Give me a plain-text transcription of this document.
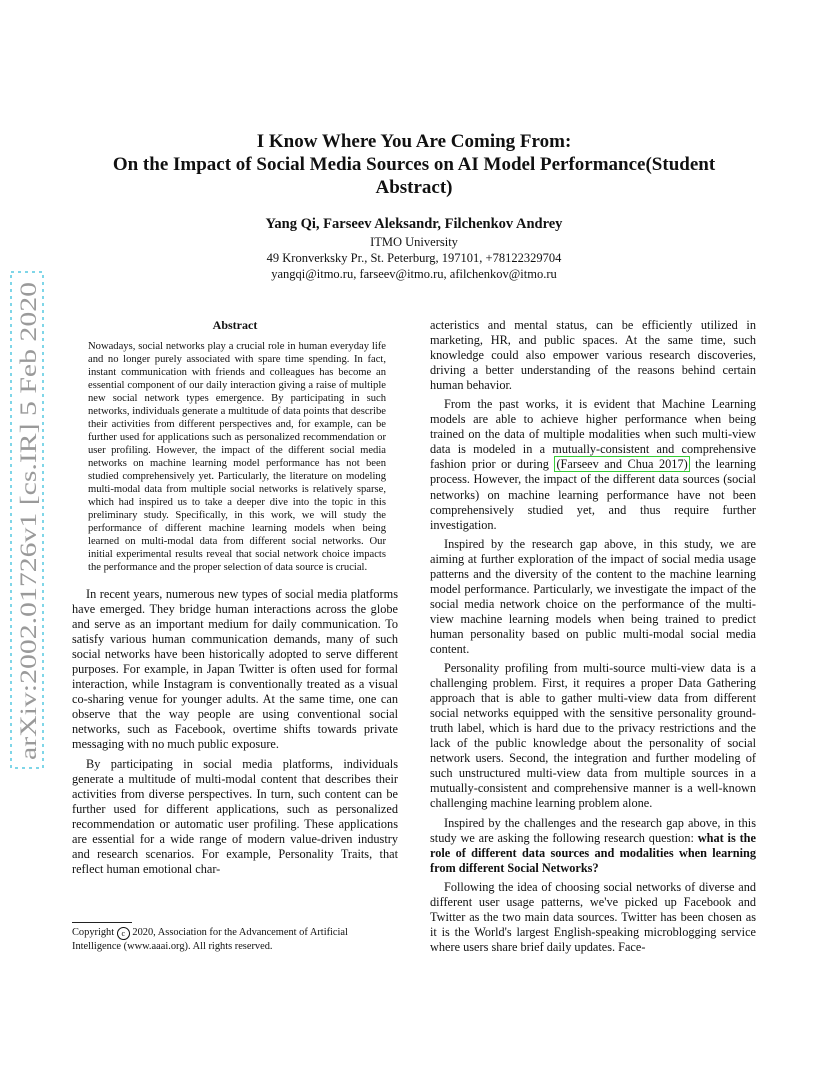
arXiv:2002.01726v1 [cs.IR] 5 Feb 2020
I Know Where You Are Coming From:
On the Impact of Social Media Sources on AI Model Performance(Student
Abstract)
Yang Qi, Farseev Aleksandr, Filchenkov Andrey
ITMO University
49 Kronverksky Pr., St. Peterburg, 197101, +78122329704
yangqi@itmo.ru, farseev@itmo.ru, afilchenkov@itmo.ru
Abstract

Nowadays, social networks play a crucial role in human everyday life and no longer purely associated with spare time spending. In fact, instant communication with friends and colleagues has become an essential component of our daily interaction giving a raise of multiple new social network types emergence. By participating in such networks, individuals generate a multitude of data points that describe their activities from different perspectives and, for example, can be further used for applications such as personalized recommendation or user profiling. However, the impact of the different social media networks on machine learning model performance has not been studied comprehensively yet. Particularly, the literature on modeling multi-modal data from multiple social networks is relatively sparse, which had inspired us to take a deeper dive into the topic in this preliminary study. Specifically, in this work, we will study the performance of different machine learning models when being learned on multi-modal data from different social networks. Our initial experimental results reveal that social network choice impacts the performance and the proper selection of data source is crucial.

In recent years, numerous new types of social media platforms have emerged. They bridge human interactions across the globe and serve as an important medium for daily communication. To satisfy various human communication demands, many of such social networks have been historically adopted to serve different purposes. For example, in Japan Twitter is often used for formal interaction, while Instagram is conventionally treated as a visual co-sharing venue for younger adults. At the same time, one can observe that the way people are using conventional social networks, such as Facebook, overtime shifts towards private messaging with no much public exposure.

By participating in social media platforms, individuals generate a multitude of multi-modal content that describes their activities from diverse perspectives. In turn, such content can be further used for different applications, such as personalized recommendation or automatic user profiling. These applications are essential for a wide range of modern value-driven industry and research scenarios. For example, Personality Traits, that reflect human emotional char-

Copyright c 2020, Association for the Advancement of Artificial Intelligence (www.aaai.org). All rights reserved.

acteristics and mental status, can be efficiently utilized in marketing, HR, and public spaces. At the same time, such knowledge could also empower various research discoveries, driving a better understanding of the reasons behind certain human behavior.

From the past works, it is evident that Machine Learning models are able to achieve higher performance when being trained on the data of multiple modalities when such multi-view data is modeled in a mutually-consistent and comprehensive fashion prior or during (Farseev and Chua 2017) the learning process. However, the impact of the different data sources (social networks) on machine learning performance have not been comprehensively studied yet, and thus require further investigation.

Inspired by the research gap above, in this study, we are aiming at further exploration of the impact of social media usage patterns and the diversity of the content to the machine learning model performance. Particularly, we investigate the impact of the social media network choice on the performance of the multi-view machine learning models when being trained to predict human personality based on public multi-modal social media content.

Personality profiling from multi-source multi-view data is a challenging problem. First, it requires a proper Data Gathering approach that is able to gather multi-view data from different social networks equipped with the sensitive personality ground-truth label, which is hard due to the privacy restrictions and the lack of the public knowledge about the personality of social network users. Second, the integration and further modeling of such unstructured multi-view data from multiple sources in a mutually-consistent and comprehensive manner is a well-known challenging machine learning problem alone.

Inspired by the challenges and the research gap above, in this study we are asking the following research question: what is the role of different data sources and modalities when learning from different Social Networks?

Following the idea of choosing social networks of diverse and different user usage patterns, we've picked up Facebook and Twitter as the two main data sources. Twitter has been chosen as it is the World's largest English-speaking microblogging service where users share brief daily updates. Face-
